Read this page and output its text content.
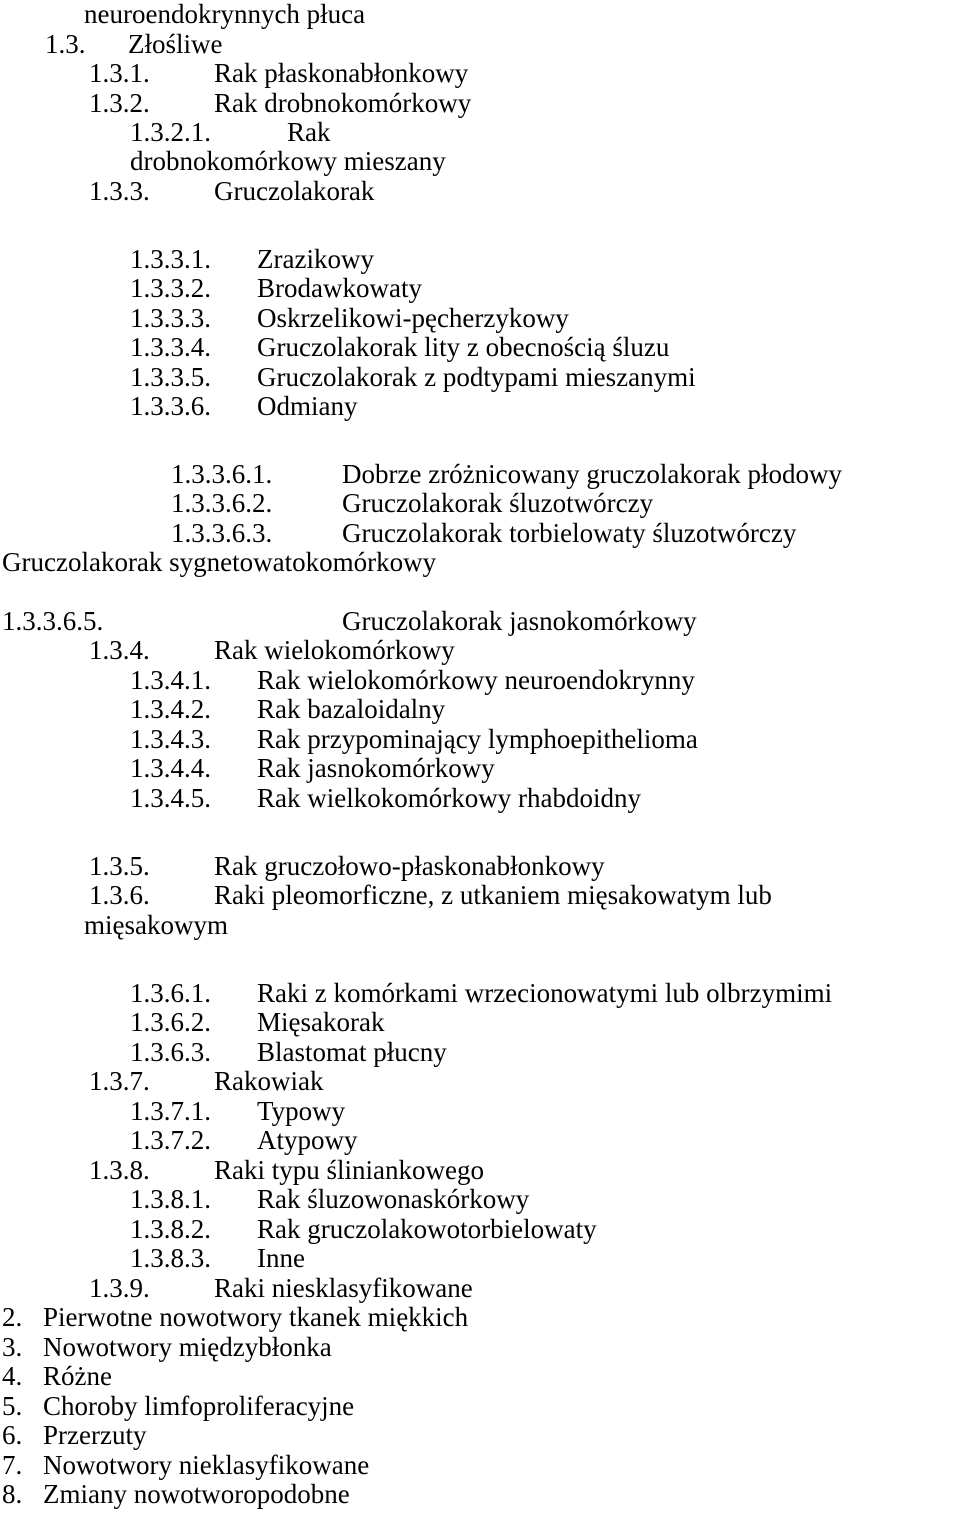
neuroendokrynnych płuca
1.3. Złośliwe
1.3.1. Rak płaskonabłonkowy
1.3.2. Rak drobnokomórkowy
1.3.2.1.	Rak
drobnokomórkowy mieszany
1.3.3. Gruczolakorak
1.3.3.1. Zrazikowy
1.3.3.2. Brodawkowaty
1.3.3.3. Oskrzelikowi-pęcherzykowy
1.3.3.4. Gruczolakorak lity z obecnością śluzu
1.3.3.5. Gruczolakorak z podtypami mieszanymi
1.3.3.6. Odmiany
1.3.3.6.1.	Dobrze zróżnicowany gruczolakorak płodowy
1.3.3.6.2.	Gruczolakorak śluzotwórczy
1.3.3.6.3.	Gruczolakorak torbielowaty śluzotwórczy
Gruczolakorak sygnetowatokomórkowy
1.3.3.6.5.	Gruczolakorak jasnokomórkowy
1.3.4. Rak wielokomórkowy
1.3.4.1. Rak wielokomórkowy neuroendokrynny
1.3.4.2. Rak bazaloidalny
1.3.4.3. Rak przypominający lymphoepithelioma
1.3.4.4. Rak jasnokomórkowy
1.3.4.5. Rak wielkokomórkowy rhabdoidny
1.3.5. Rak gruczołowo-płaskonabłonkowy
1.3.6. Raki pleomorficzne, z utkaniem mięsakowatym lub
mięsakowym
1.3.6.1. Raki z komórkami wrzecionowatymi lub olbrzymimi
1.3.6.2. Mięsakorak
1.3.6.3. Blastomat płucny
1.3.7. Rakowiak
1.3.7.1. Typowy
1.3.7.2. Atypowy
1.3.8. Raki typu śliniankowego
1.3.8.1. Rak śluzowonaskórkowy
1.3.8.2. Rak gruczolakowotorbielowaty
1.3.8.3. Inne
1.3.9. Raki niesklasyfikowane
2. Pierwotne nowotwory tkanek miękkich
3. Nowotwory międzybłonka
4. Różne
5. Choroby limfoproliferacyjne
6. Przerzuty
7. Nowotwory nieklasyfikowane
8. Zmiany nowotworopodobne
